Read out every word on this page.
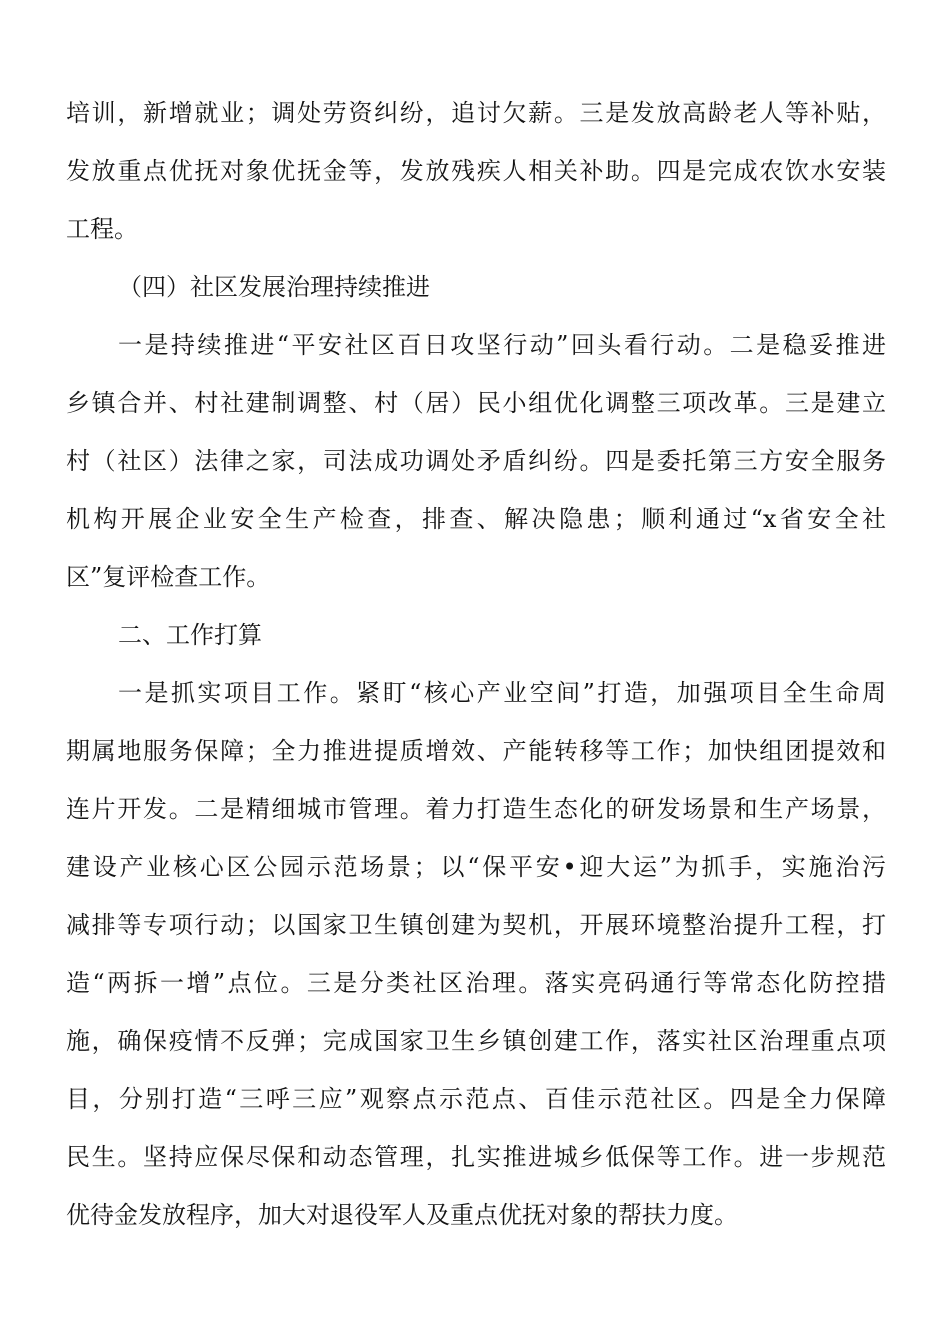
培训，新增就业；调处劳资纠纷，追讨欠薪。三是发放高龄老人等补贴，
发放重点优抚对象优抚金等，发放残疾人相关补助。四是完成农饮水安装
工程。
（四）社区发展治理持续推进
一是持续推进“平安社区百日攻坚行动”回头看行动。二是稳妥推进
乡镇合并、村社建制调整、村（居）民小组优化调整三项改革。三是建立
村（社区）法律之家，司法成功调处矛盾纠纷。四是委托第三方安全服务
机构开展企业安全生产检查，排查、解决隐患；顺利通过“x省安全社
区”复评检查工作。
二、工作打算
一是抓实项目工作。紧盯“核心产业空间”打造，加强项目全生命周
期属地服务保障；全力推进提质增效、产能转移等工作；加快组团提效和
连片开发。二是精细城市管理。着力打造生态化的研发场景和生产场景，
建设产业核心区公园示范场景；以“保平安•迎大运”为抓手，实施治污
减排等专项行动；以国家卫生镇创建为契机，开展环境整治提升工程，打
造“两拆一增”点位。三是分类社区治理。落实亮码通行等常态化防控措
施，确保疫情不反弹；完成国家卫生乡镇创建工作，落实社区治理重点项
目，分别打造“三呼三应”观察点示范点、百佳示范社区。四是全力保障
民生。坚持应保尽保和动态管理，扎实推进城乡低保等工作。进一步规范
优待金发放程序，加大对退役军人及重点优抚对象的帮扶力度。
